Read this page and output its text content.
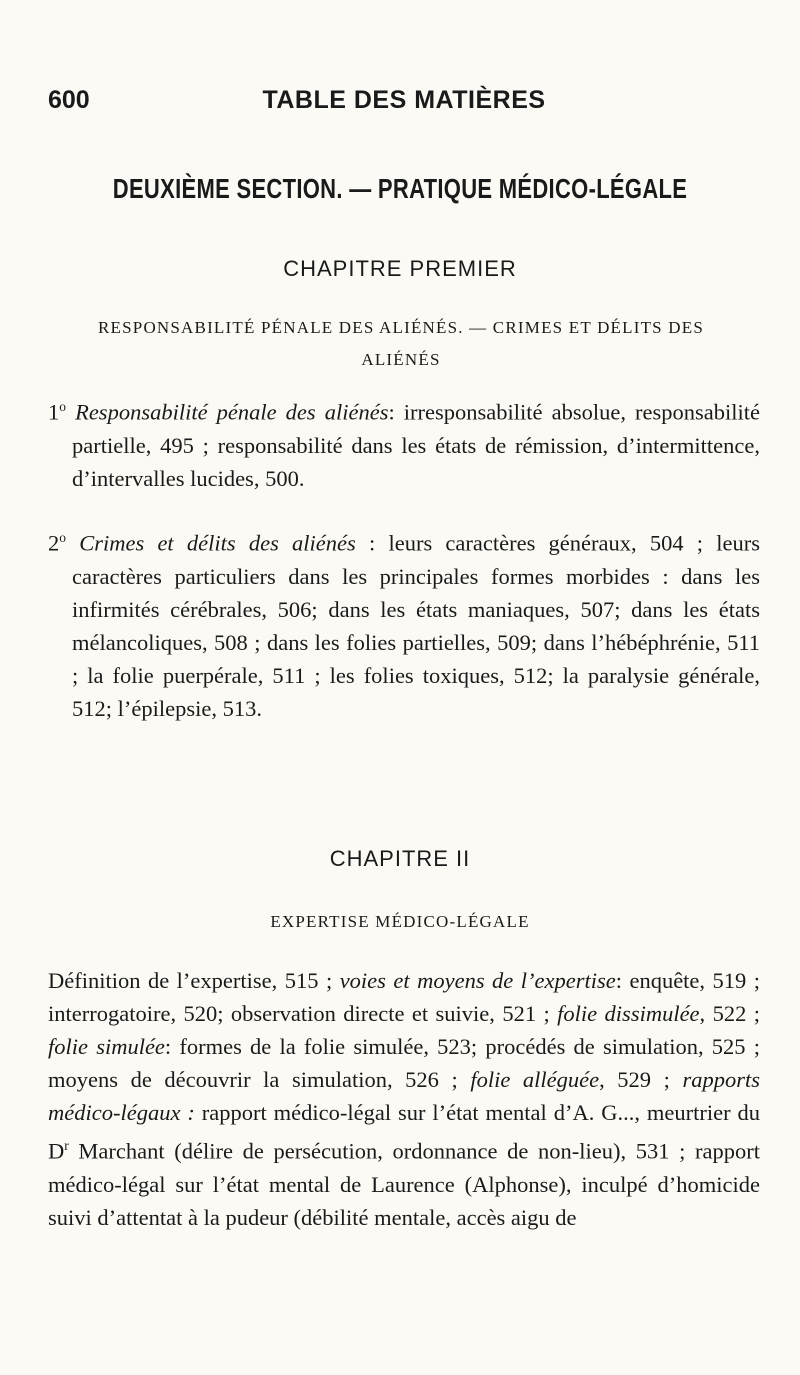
600	TABLE DES MATIÈRES
DEUXIÈME SECTION. — PRATIQUE MÉDICO-LÉGALE
CHAPITRE PREMIER
RESPONSABILITÉ PÉNALE DES ALIÉNÉS. — CRIMES ET DÉLITS DES
ALIÉNÉS
1$^o$ Responsabilité pénale des aliénés: irresponsabilité absolue, responsabilité partielle, 495 ; responsabilité dans les états de rémission, d’intermittence, d’intervalles lucides, 500.
2$^o$ Crimes et délits des aliénés : leurs caractères généraux, 504 ; leurs caractères particuliers dans les principales formes morbides : dans les infirmités cérébrales, 506; dans les états maniaques, 507; dans les états mélancoliques, 508 ; dans les folies partielles, 509; dans l’hébéphrénie, 511 ; la folie puerpérale, 511 ; les folies toxiques, 512; la paralysie générale, 512; l’épilepsie, 513.
CHAPITRE II
EXPERTISE MÉDICO-LÉGALE
Définition de l’expertise, 515 ; voies et moyens de l’expertise: enquête, 519 ; interrogatoire, 520; observation directe et suivie, 521 ; folie dissimulée, 522 ; folie simulée: formes de la folie simulée, 523; procédés de simulation, 525 ; moyens de découvrir la simulation, 526 ; folie alléguée, 529 ; rapports médico-légaux : rapport médico-légal sur l’état mental d’A. G..., meurtrier du $D^r$ Marchant (délire de persécution, ordonnance de non-lieu), 531 ; rapport médico-légal sur l’état mental de Laurence (Alphonse), inculpé d’homicide suivi d’attentat à la pudeur (débilité mentale, accès aigu de
